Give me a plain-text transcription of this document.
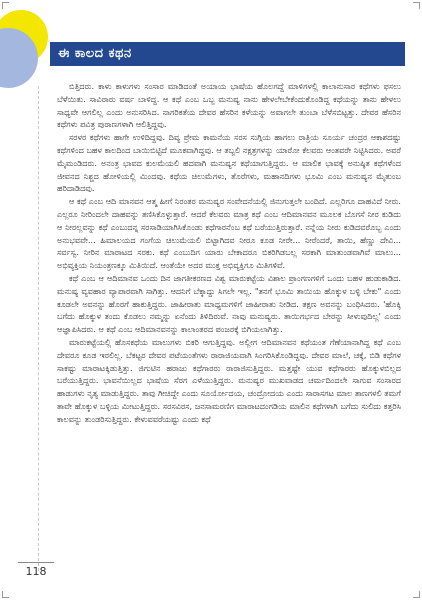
ಈ ಕಾಲದ ಕಥನ

ಬಿತ್ತಿದರು. ಕಾಳು ಕಾಳುಗಳು ಸಂಸಾರ ಮಾಡಿದಂತೆ ಅಯಾಯ ಭಾಷೆಯ ಹೊಲಗದ್ದೆ ಮಾಳಿಗಳಲ್ಲಿ ಕಾಲಾನುಸಾರ ಕಥೆಗಳು ಫಸಲು ಬೆಳೆಯಿತು. ಸಾವಿರಾರು ವರ್ಷ ಬಾಳಿದ್ದ. ಆ ಕಥೆ ಎಂಬ ಒಬ್ಬ ಮನುಷ್ಯ ನಾನು ಹೇಳಲೇಬೇಕೆಂದುಕೊಂಡಿದ್ದ ಕಥೆಯನ್ನು ತಾನು ಹೇಳಲು ಸಾಧ್ಯವೇ ಆಗಲಿಲ್ಲ ಎಂದು ಅನುಸರಿಸಿದ. ನಾಗರಿಕತೆಯ ದೇವರ ಹೆಸರಿನ ಕಳೆಯನ್ನು ಅವಾಗಲೇ ತುಂಬಾ ಬೆಳೆಸಬಿಟ್ಟತ್ತು. ದೇವರ ಹೆಸರಿನ ಕಥೆಗಳು ಪವಿತ್ರ ಪುರಾಣಗಳಾಗಿ ಆಲಿತ್ತಿದ್ದವು.

ಸರಳರ ಕಥೆಗಳು ಹಾಗೇ ಉಳಿದಿದ್ದವು. ದಿವ್ಯ ಪ್ರೇಮ ಕಾಮನೆಯ ಸರಸ ಸುಗ್ಗಿಯ ಹಾಗಲು ರಾತ್ರಿಯ ಸೂರ್ಯ ಚಂದ್ರರ ಆಕಾಶದಷ್ಟು ಕಥೆಗಳಿಂದ ಬಹಳ ಕಾಲದಿಂದ ಬಾಯಿಬಿಟ್ಟಿದೆ ಮೂಕವಾಗಿದ್ದವು. ಆ ತಬ್ಬಲಿ ನಕ್ಷತ್ರಗಳನ್ನು ಯಾರೋ ಕೆಲವರು ಆಂತವರೇ ನಿಟ್ಟಿಸಿದರು. ಅವರೆ ಮೈಮಂಡಿದರು. ಅನಂತ್ರ ಭಾವದ ಕುಲಮೆಯಲಿ ಹದವಾಗಿ ಮನುಷ್ಯನ ಕಥೆಯಾಗುತ್ತಿದ್ದರು. ಆ ಮಾಲಿಕ ಭಾವಕ್ಕೆ ಅನುಷ್ಠಿತ ಕಥೆಗಳೆಂದ ಜೀವನದ ನಿಶ್ಚದ ಹೋಳಿಯಲ್ಲಿ ಮಿಂದವು. ಕಥೆಯ ಚಿಲುಮೆಗಳು, ತೊರೆಗಳು, ಮಹಾನದಿಗಳು ಭೂಮಿ ಎಂಬ ಮನುಷ್ಯನ ಮೈತುಂಬ ಹರಿದಾಡಿದವು.

ಆ ಕಥೆ ಎಂಬ ಆದಿ ಮಾನವನ ಆತ್ಮ ಹೀಗೆ ನಿರಂತರ ಮನುಷ್ಯರ ಸಂವೇದನೆಯಲ್ಲಿ ಜಿನುಗುತ್ತಲೇ ಬಂದಿದೆ. ಎಲ್ಲರಿಗೂ ದಾಹವಿದೆ ನೀರು. ಎಲ್ಲರೂ ನೀರಿಂದಲೇ ದಾಹವನ್ನು ತಣಿಸಿಕೊಳ್ಳುತ್ತಾರೆ. ಆದರೆ ಕೆಲವರು ಮಾತ್ರ ಕಥೆ ಎಂಬ ಆದಿಮಾನವನ ಮೂಲಕ ಬೊಗಸೆ ನೀರ ಕುಡಿದು ಆ ನೀರಲ್ಲವನ್ನು ಕಥೆ ಎಂಬುದನ್ನ ಸರಸಾಡಿಯಾಗಿಸಿಕೊಂಡು ಕಥೆಗಾರನೆಂಬ ಕಥೆ ಬರೆಯುತ್ತಿರುತ್ತಾರೆ. ನನ್ನೆಯ ನೀರು ಕುಡಿದವರೊಬ್ಬ ಎಂದು ಅನುಭವವೇ... ಹಿಮಾಲಯದ ಗಂಗೆಯ ಚಿಲುಮೆಯಲಿ ಬಿಟ್ಟಾಗಿದವ ನೀರೂ ಕೂಡ ನೀರೇ... ನೀರೆಂದರೆ, ತಾಯಿ, ಹೆಣ್ಣು ದೇವಿ... ಸರ್ವಸ್ವ. ನೀರಿನ ಮಾರಾಟದ ಸರಕು. ಕಥೆ ಎಂಬುದಿಗ ಯಾರು ಬೇಕಾದರೂ ಬಿಕರಿಗಿಡಬಲ್ಲ ಸರಕಾಗಿ ಮಾತುಂಡವಾಗಿವೆ ಮಾಲು... ಅಭಿವ್ಯಕ್ತಿಯ ನಿಯಂತ್ರಣಕ್ಕೂ ಮಿತಿಯಿದೆ. ಆಂತೆಯೇ ಅದರ ಮುಕ್ತ ಅಭಿವ್ಯಕ್ತಿಗೂ ಮಿತಿಗಳಿವೆ.

ಕಥೆ ಎಂಬ ಆ ಆದಿಮಾನವ ಒಂದು ದಿನ ಜಾಗತೀಕರಣದ ವಿಶ್ವ ಮಾರುಕಟ್ಟೆಯ ವಿಶಾಲ ಪ್ರಾಂಗಣಗಳಿಗೆ ಒಂದು ಬಹಳ ಹುಡುಕಾಡಿದ. ಮನುಷ್ಯ ವ್ಯವಹಾರ ವ್ಯಾಪಾರವಾಗಿ ಸಾಗಿತ್ತು. ಆದನಿಗೆ ಬೆಕ್ಕಾದ್ದು ಸಿಗಲೇ ಇಲ್ಲ. "ತನಗೆ ಭೂಮಿ ತಾಯಿಯ ಹೊಕ್ಕುಳ ಬಳ್ಳಿ ಬೇಕು" ಎಂದು ಕೂಡಲೇ ಅವನನ್ನು ಹೊರಗೆ ಹಾಕುತ್ತಿದ್ದರು. ಜಾಹೀರಾತು ಮಾಧ್ಯಮಗಳಿಗೆ ಜಾಹೀರಾತು ನೀಡಿದ. ತಕ್ಷಣ ಅವನನ್ನು ಬಂಧಿಸಿದರು. 'ಹೊಕ್ಕಿ ಬಗೆದು ಹೊಕ್ಕುಳ ತಂದು ಕೊಡಲು ನಮ್ಮನ್ನು ಏನೆಂದು ತಿಳಿದಿರುವೆ. ನಾವು ಮನುಷ್ಯರು. ತಾಯಿಗರ್ಭದ ಬೇರನ್ನು ಸೀಳುವುದಿಲ್ಲ' ಎಂದು ಆಜ್ಞಾಪಿಸಿದರು. ಆ ಕಥೆ ಎಂಬ ಆದಿಮಾನವನನ್ನು ಕಾಲಾಂತರದ ಪಂಜರಕ್ಕೆ ಬಿಗಿಯಲಾಗಿತ್ತು.

ಮಾರುಕಟ್ಟೆಯಲ್ಲಿ ಹೊಸಕಥೆಯ ಮಾಲುಗಳು ಬಿಕರಿ ಆಗುತ್ತಿದ್ದವು. ಅಲ್ಲೀಗ ಆದಿಮಾನವನ ಕಥೆಯಂತ ಗೆಣೆಯಾನಾಗಿದ್ದ ಕಥೆ ಎಂಬ ದೇವರೂ ಕೂಡ ಇರಲಿಲ್ಲ. ಬೆಕಟ್ಟರ ದೇವರ ಪಟೆಯಂತೆಗಳು ರಾರಾಜಿಯವಾಗಿ ಸಿಂಗರಿಸಿಕೊಂಡಿದ್ದವು. ದೇವರ ಮಾಲೆ, ಚಕ್ಕೆ, ಬಿಡಿ ಕಥೆಗಳ ಸಾಕಷ್ಟು ಮಾರಾಟಕ್ಕಿಡುತ್ತಿತ್ತು. ಜಿಗುಟಿನ ಹರಾಜು ಕಥೆಗಾರರು ರಾರಾಜಿಸುತ್ತಿದ್ದರು. ಮತ್ತಷ್ಟೇ ಯುವ ಕಥೆಗಾರರು ಹೊಕ್ಕುಳಬಿಲ್ಲದ ಬರೆಯುತ್ತಿದ್ದರು. ಭಾವನೆಯಿಲ್ಲದ ಭಾಷೆಯ ಸೆರಗ ಎಳೆಯುತ್ತಿದ್ದರು. ಮನುಷ್ಯರ ಮುಖವಾಡದ ಚರ್ಮದಿಂದಲೇ ಸಾಗುವ ಸಂಸಾರದ ಹಾಡುಗಳು ನೃತ್ಯ ಮಾಡುತ್ತಿದ್ದರು. ತಾವು ಗೀಚಿದ್ದೇ ಎಂದು ಸೂರ್ಯೋದಯ, ಚಂದ್ರೋದಯ ಎಂದು ಸಾರಾಸಗಟ ಮಾಲ ತಾಣಗಳಲಿ ತಮಗೆ ತಾವೇ ಹೊಕ್ಕುಳ ಬಳ್ಳಿಯ ಮೀಟುತ್ತಿದ್ದರು. ಸರಸವಿರಸ, ಜನಸಾಮರಣಿಗ ಮಾರಾಟದಂಗಡಿಯ ಮಾಲಿನ ಕಥೆಗಳಾಗಿ ಬಗೆದು ಸುಲಿದು ಕತ್ತರಿಸಿ ಕಾಲವನ್ನು ತುಂಡರಿಸುತ್ತಿದ್ದರು. ಕೇಳುವವರೆಯಷ್ಟು ಎಂದು ಕಥೆ

118
